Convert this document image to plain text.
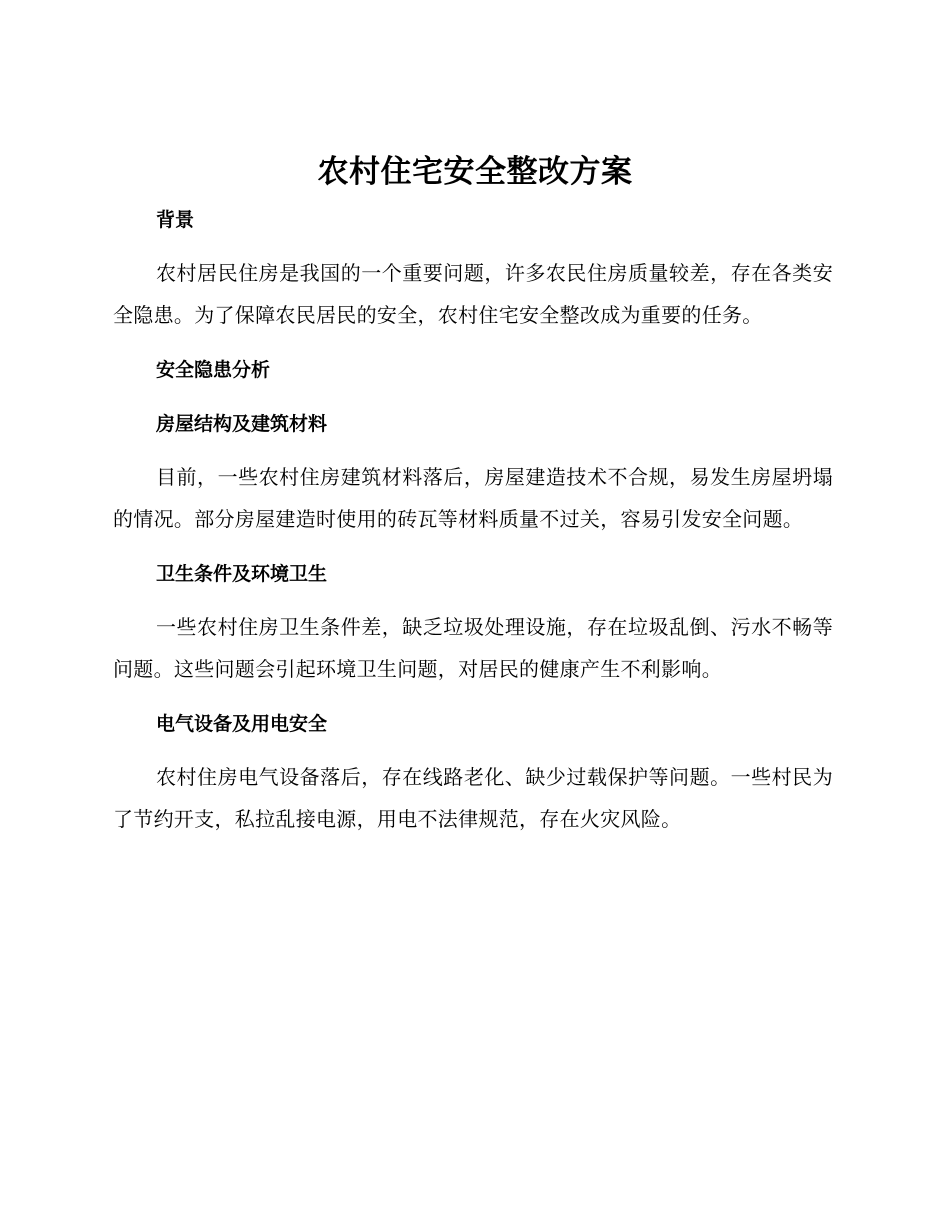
农村住宅安全整改方案

背景

农村居民住房是我国的一个重要问题，许多农民住房质量较差，存在各类安全隐患。为了保障农民居民的安全，农村住宅安全整改成为重要的任务。

安全隐患分析

房屋结构及建筑材料

目前，一些农村住房建筑材料落后，房屋建造技术不合规，易发生房屋坍塌的情况。部分房屋建造时使用的砖瓦等材料质量不过关，容易引发安全问题。

卫生条件及环境卫生

一些农村住房卫生条件差，缺乏垃圾处理设施，存在垃圾乱倒、污水不畅等问题。这些问题会引起环境卫生问题，对居民的健康产生不利影响。

电气设备及用电安全

农村住房电气设备落后，存在线路老化、缺少过载保护等问题。一些村民为了节约开支，私拉乱接电源，用电不法律规范，存在火灾风险。
